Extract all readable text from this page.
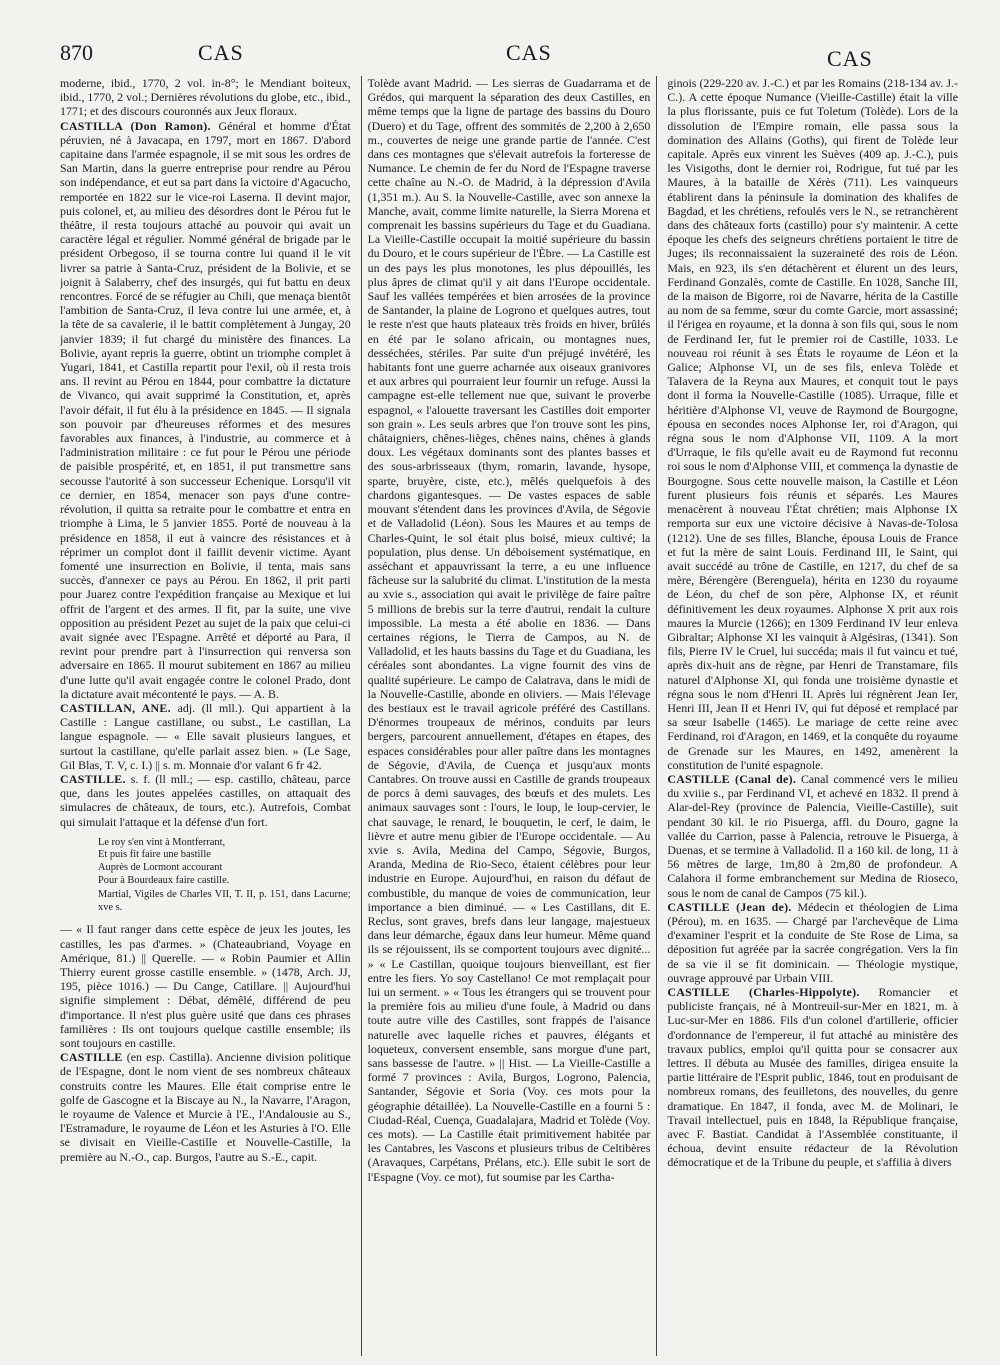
870	CAS	CAS	CAS

moderne, ibid., 1770, 2 vol. in-8°; le Mendiant boiteux, ibid., 1770, 2 vol.; Dernières révolutions du globe, etc., ibid., 1771; et des discours couronnés aux Jeux floraux.

CASTILLA (Don Ramon). Général et homme d'État péruvien, né à Javacapa, en 1797, mort en 1867. D'abord capitaine dans l'armée espagnole, il se mit sous les ordres de San Martin, dans la guerre entreprise pour rendre au Pérou son indépendance, et eut sa part dans la victoire d'Agacucho, remportée en 1822 sur le vice-roi Laserna. Il devint major, puis colonel, et, au milieu des désordres dont le Pérou fut le théâtre, il resta toujours attaché au pouvoir qui avait un caractère légal et régulier. Nommé général de brigade par le président Orbegoso, il se tourna contre lui quand il le vit livrer sa patrie à Santa-Cruz, président de la Bolivie, et se joignit à Salaberry, chef des insurgés, qui fut battu en deux rencontres. Forcé de se réfugier au Chili, que menaça bientôt l'ambition de Santa-Cruz, il leva contre lui une armée, et, à la tête de sa cavalerie, il le battit complètement à Jungay, 20 janvier 1839; il fut chargé du ministère des finances. La Bolivie, ayant repris la guerre, obtint un triomphe complet à Yugari, 1841, et Castilla repartit pour l'exil, où il resta trois ans. Il revint au Pérou en 1844, pour combattre la dictature de Vivanco, qui avait supprimé la Constitution, et, après l'avoir défait, il fut élu à la présidence en 1845. — Il signala son pouvoir par d'heureuses réformes et des mesures favorables aux finances, à l'industrie, au commerce et à l'administration militaire : ce fut pour le Pérou une période de paisible prospérité, et, en 1851, il put transmettre sans secousse l'autorité à son successeur Echenique. Lorsqu'il vit ce dernier, en 1854, menacer son pays d'une contre-révolution, il quitta sa retraite pour le combattre et entra en triomphe à Lima, le 5 janvier 1855. Porté de nouveau à la présidence en 1858, il eut à vaincre des résistances et à réprimer un complot dont il faillit devenir victime. Ayant fomenté une insurrection en Bolivie, il tenta, mais sans succès, d'annexer ce pays au Pérou. En 1862, il prit parti pour Juarez contre l'expédition française au Mexique et lui offrit de l'argent et des armes. Il fit, par la suite, une vive opposition au président Pezet au sujet de la paix que celui-ci avait signée avec l'Espagne. Arrêté et déporté au Para, il revint pour prendre part à l'insurrection qui renversa son adversaire en 1865. Il mourut subitement en 1867 au milieu d'une lutte qu'il avait engagée contre le colonel Prado, dont la dictature avait mécontenté le pays. — A. B.

CASTILLAN, ANE. adj. (ll mll.). Qui appartient à la Castille : Langue castillane, ou subst., Le castillan, La langue espagnole. — « Elle savait plusieurs langues, et surtout la castillane, qu'elle parlait assez bien. » (Le Sage, Gil Blas, T. V, c. I.) || s. m. Monnaie d'or valant 6 fr 42.

CASTILLE. s. f. (ll mll.; — esp. castillo, château, parce que, dans les joutes appelées castilles, on attaquait des simulacres de châteaux, de tours, etc.). Autrefois, Combat qui simulait l'attaque et la défense d'un fort.

Le roy s'en vint à Montferrant,
Et puis fit faire une bastille
Auprès de Lormont accourant
Pour à Bourdeaux faire castille.
Martial, Vigiles de Charles VII, T. II, p. 151, dans Lacurne; xve s.

— « Il faut ranger dans cette espèce de jeux les joutes, les castilles, les pas d'armes. » (Chateaubriand, Voyage en Amérique, 81.) || Querelle. — « Robin Paumier et Allin Thierry eurent grosse castille ensemble. » (1478, Arch. JJ, 195, pièce 1016.) — Du Cange, Catillare. || Aujourd'hui signifie simplement : Débat, démêlé, différend de peu d'importance. Il n'est plus guère usité que dans ces phrases familières : Ils ont toujours quelque castille ensemble; ils sont toujours en castille.

CASTILLE (en esp. Castilla). Ancienne division politique de l'Espagne, dont le nom vient de ses nombreux châteaux construits contre les Maures. Elle était comprise entre le golfe de Gascogne et la Biscaye au N., la Navarre, l'Aragon, le royaume de Valence et Murcie à l'E., l'Andalousie au S., l'Estramadure, le royaume de Léon et les Asturies à l'O. Elle se divisait en Vieille-Castille et Nouvelle-Castille, la première au N.-O., cap. Burgos, l'autre au S.-E., capit.

Tolède avant Madrid. — Les sierras de Guadarrama et de Grédos, qui marquent la séparation des deux Castilles, en même temps que la ligne de partage des bassins du Douro (Duero) et du Tage, offrent des sommités de 2,200 à 2,650 m., couvertes de neige une grande partie de l'année. C'est dans ces montagnes que s'élevait autrefois la forteresse de Numance. Le chemin de fer du Nord de l'Espagne traverse cette chaîne au N.-O. de Madrid, à la dépression d'Avila (1,351 m.). Au S. la Nouvelle-Castille, avec son annexe la Manche, avait, comme limite naturelle, la Sierra Morena et comprenait les bassins supérieurs du Tage et du Guadiana. La Vieille-Castille occupait la moitié supérieure du bassin du Douro, et le cours supérieur de l'Èbre. — La Castille est un des pays les plus monotones, les plus dépouillés, les plus âpres de climat qu'il y ait dans l'Europe occidentale. Sauf les vallées tempérées et bien arrosées de la province de Santander, la plaine de Logrono et quelques autres, tout le reste n'est que hauts plateaux très froids en hiver, brûlés en été par le solano africain, ou montagnes nues, desséchées, stériles. Par suite d'un préjugé invétéré, les habitants font une guerre acharnée aux oiseaux granivores et aux arbres qui pourraient leur fournir un refuge. Aussi la campagne est-elle tellement nue que, suivant le proverbe espagnol, « l'alouette traversant les Castilles doit emporter son grain ». Les seuls arbres que l'on trouve sont les pins, châtaigniers, chênes-lièges, chênes nains, chênes à glands doux. Les végétaux dominants sont des plantes basses et des sous-arbrisseaux (thym, romarin, lavande, hysope, sparte, bruyère, ciste, etc.), mêlés quelquefois à des chardons gigantesques. — De vastes espaces de sable mouvant s'étendent dans les provinces d'Avila, de Ségovie et de Valladolid (Léon). Sous les Maures et au temps de Charles-Quint, le sol était plus boisé, mieux cultivé; la population, plus dense. Un déboisement systématique, en asséchant et appauvrissant la terre, a eu une influence fâcheuse sur la salubrité du climat. L'institution de la mesta au xvie s., association qui avait le privilège de faire paître 5 millions de brebis sur la terre d'autrui, rendait la culture impossible. La mesta a été abolie en 1836. — Dans certaines régions, le Tierra de Campos, au N. de Valladolid, et les hauts bassins du Tage et du Guadiana, les céréales sont abondantes. La vigne fournit des vins de qualité supérieure. Le campo de Calatrava, dans le midi de la Nouvelle-Castille, abonde en oliviers. — Mais l'élevage des bestiaux est le travail agricole préféré des Castillans. D'énormes troupeaux de mérinos, conduits par leurs bergers, parcourent annuellement, d'étapes en étapes, des espaces considérables pour aller paître dans les montagnes de Ségovie, d'Avila, de Cuença et jusqu'aux monts Cantabres. On trouve aussi en Castille de grands troupeaux de porcs à demi sauvages, des bœufs et des mulets. Les animaux sauvages sont : l'ours, le loup, le loup-cervier, le chat sauvage, le renard, le bouquetin, le cerf, le daim, le lièvre et autre menu gibier de l'Europe occidentale. — Au xvie s. Avila, Medina del Campo, Ségovie, Burgos, Aranda, Medina de Rio-Seco, étaient célèbres pour leur industrie en Europe. Aujourd'hui, en raison du défaut de combustible, du manque de voies de communication, leur importance a bien diminué. — « Les Castillans, dit E. Reclus, sont graves, brefs dans leur langage, majestueux dans leur démarche, égaux dans leur humeur. Même quand ils se réjouissent, ils se comportent toujours avec dignité... » « Le Castillan, quoique toujours bienveillant, est fier entre les fiers. Yo soy Castellano! Ce mot remplaçait pour lui un serment. » « Tous les étrangers qui se trouvent pour la première fois au milieu d'une foule, à Madrid ou dans toute autre ville des Castilles, sont frappés de l'aisance naturelle avec laquelle riches et pauvres, élégants et loqueteux, conversent ensemble, sans morgue d'une part, sans bassesse de l'autre. » || Hist. — La Vieille-Castille a formé 7 provinces : Avila, Burgos, Logrono, Palencia, Santander, Ségovie et Soria (Voy. ces mots pour la géographie détaillée). La Nouvelle-Castille en a fourni 5 : Ciudad-Réal, Cuença, Guadalajara, Madrid et Tolède (Voy. ces mots). — La Castille était primitivement habitée par les Cantabres, les Vascons et plusieurs tribus de Celtibères (Aravaques, Carpétans, Prélans, etc.). Elle subit le sort de l'Espagne (Voy. ce mot), fut soumise par les Cartha-

ginois (229-220 av. J.-C.) et par les Romains (218-134 av. J.-C.). A cette époque Numance (Vieille-Castille) était la ville la plus florissante, puis ce fut Toletum (Tolède). Lors de la dissolution de l'Empire romain, elle passa sous la domination des Allains (Goths), qui firent de Tolède leur capitale. Après eux vinrent les Suèves (409 ap. J.-C.), puis les Visigoths, dont le dernier roi, Rodrigue, fut tué par les Maures, à la bataille de Xérès (711). Les vainqueurs établirent dans la péninsule la domination des khalifes de Bagdad, et les chrétiens, refoulés vers le N., se retranchèrent dans des châteaux forts (castillo) pour s'y maintenir. A cette époque les chefs des seigneurs chrétiens portaient le titre de Juges; ils reconnaissaient la suzeraineté des rois de Léon. Mais, en 923, ils s'en détachèrent et élurent un des leurs, Ferdinand Gonzalès, comte de Castille. En 1028, Sanche III, de la maison de Bigorre, roi de Navarre, hérita de la Castille au nom de sa femme, sœur du comte Garcie, mort assassiné; il l'érigea en royaume, et la donna à son fils qui, sous le nom de Ferdinand Ier, fut le premier roi de Castille, 1033. Le nouveau roi réunit à ses États le royaume de Léon et la Galice; Alphonse VI, un de ses fils, enleva Tolède et Talavera de la Reyna aux Maures, et conquit tout le pays dont il forma la Nouvelle-Castille (1085). Urraque, fille et héritière d'Alphonse VI, veuve de Raymond de Bourgogne, épousa en secondes noces Alphonse Ier, roi d'Aragon, qui régna sous le nom d'Alphonse VII, 1109. A la mort d'Urraque, le fils qu'elle avait eu de Raymond fut reconnu roi sous le nom d'Alphonse VIII, et commença la dynastie de Bourgogne. Sous cette nouvelle maison, la Castille et Léon furent plusieurs fois réunis et séparés. Les Maures menacèrent à nouveau l'État chrétien; mais Alphonse IX remporta sur eux une victoire décisive à Navas-de-Tolosa (1212). Une de ses filles, Blanche, épousa Louis de France et fut la mère de saint Louis. Ferdinand III, le Saint, qui avait succédé au trône de Castille, en 1217, du chef de sa mère, Bérengère (Berenguela), hérita en 1230 du royaume de Léon, du chef de son père, Alphonse IX, et réunit définitivement les deux royaumes. Alphonse X prit aux rois maures la Murcie (1266); en 1309 Ferdinand IV leur enleva Gibraltar; Alphonse XI les vainquit à Algésiras, (1341). Son fils, Pierre IV le Cruel, lui succéda; mais il fut vaincu et tué, après dix-huit ans de règne, par Henri de Transtamare, fils naturel d'Alphonse XI, qui fonda une troisième dynastie et régna sous le nom d'Henri II. Après lui régnèrent Jean Ier, Henri III, Jean II et Henri IV, qui fut déposé et remplacé par sa sœur Isabelle (1465). Le mariage de cette reine avec Ferdinand, roi d'Aragon, en 1469, et la conquête du royaume de Grenade sur les Maures, en 1492, amenèrent la constitution de l'unité espagnole.

CASTILLE (Canal de). Canal commencé vers le milieu du xviiie s., par Ferdinand VI, et achevé en 1832. Il prend à Alar-del-Rey (province de Palencia, Vieille-Castille), suit pendant 30 kil. le rio Pisuerga, affl. du Douro, gagne la vallée du Carrion, passe à Palencia, retrouve le Pisuerga, à Duenas, et se termine à Valladolid. Il a 160 kil. de long, 11 à 56 mètres de large, 1m,80 à 2m,80 de profondeur. A Calahora il forme embranchement sur Medina de Rioseco, sous le nom de canal de Campos (75 kil.).

CASTILLE (Jean de). Médecin et théologien de Lima (Pérou), m. en 1635. — Chargé par l'archevêque de Lima d'examiner l'esprit et la conduite de Ste Rose de Lima, sa déposition fut agréée par la sacrée congrégation. Vers la fin de sa vie il se fit dominicain. — Théologie mystique, ouvrage approuvé par Urbain VIII.

CASTILLE (Charles-Hippolyte). Romancier et publiciste français, né à Montreuil-sur-Mer en 1821, m. à Luc-sur-Mer en 1886. Fils d'un colonel d'artillerie, officier d'ordonnance de l'empereur, il fut attaché au ministère des travaux publics, emploi qu'il quitta pour se consacrer aux lettres. Il débuta au Musée des familles, dirigea ensuite la partie littéraire de l'Esprit public, 1846, tout en produisant de nombreux romans, des feuilletons, des nouvelles, du genre dramatique. En 1847, il fonda, avec M. de Molinari, le Travail intellectuel, puis en 1848, la République française, avec F. Bastiat. Candidat à l'Assemblée constituante, il échoua, devint ensuite rédacteur de la Révolution démocratique et de la Tribune du peuple, et s'affilia à divers
